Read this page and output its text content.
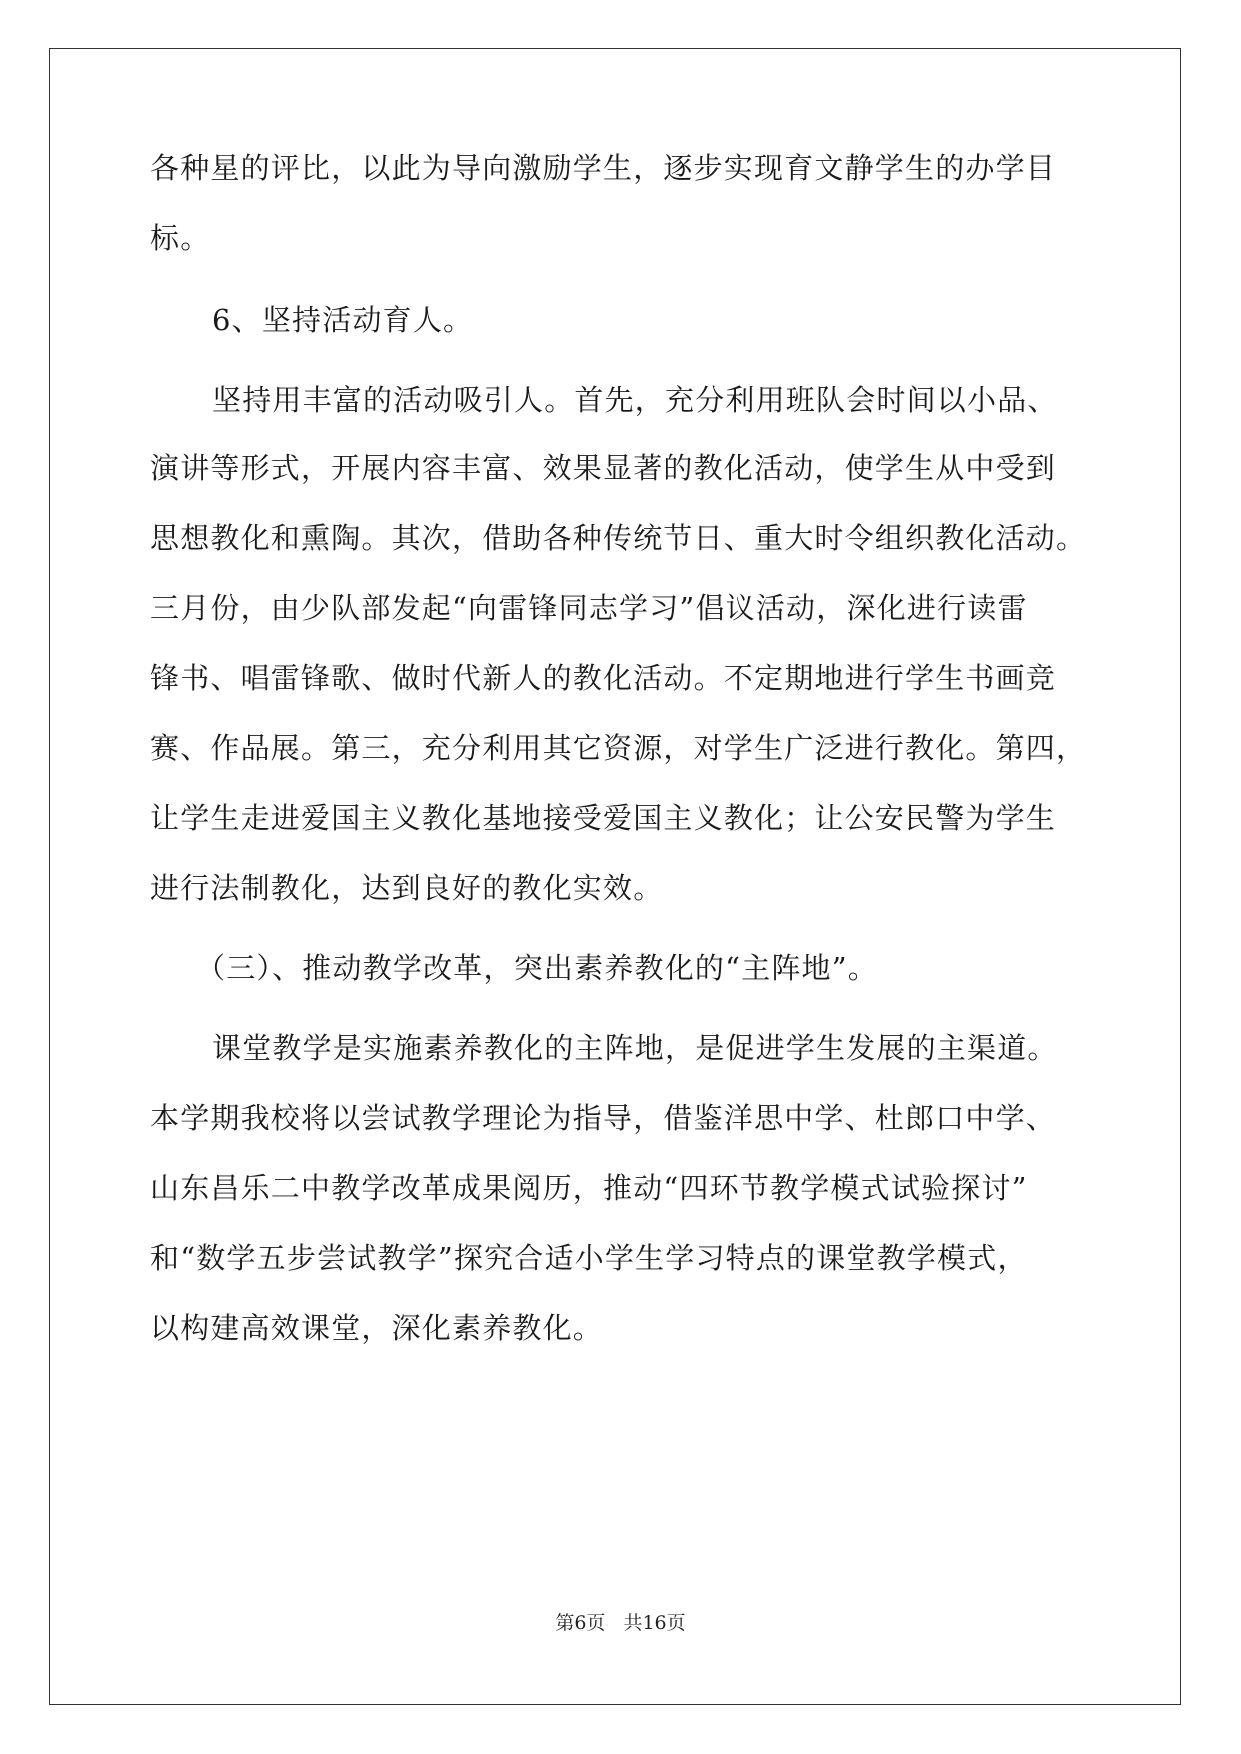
各种星的评比，以此为导向激励学生，逐步实现育文静学生的办学目
标。
6、坚持活动育人。
坚持用丰富的活动吸引人。首先，充分利用班队会时间以小品、
演讲等形式，开展内容丰富、效果显著的教化活动，使学生从中受到
思想教化和熏陶。其次，借助各种传统节日、重大时令组织教化活动。
三月份，由少队部发起“向雷锋同志学习”倡议活动，深化进行读雷
锋书、唱雷锋歌、做时代新人的教化活动。不定期地进行学生书画竞
赛、作品展。第三，充分利用其它资源，对学生广泛进行教化。第四，
让学生走进爱国主义教化基地接受爱国主义教化；让公安民警为学生
进行法制教化，达到良好的教化实效。
（三）、推动教学改革，突出素养教化的“主阵地”。
课堂教学是实施素养教化的主阵地，是促进学生发展的主渠道。
本学期我校将以尝试教学理论为指导，借鉴洋思中学、杜郎口中学、
山东昌乐二中教学改革成果阅历，推动“四环节教学模式试验探讨”
和“数学五步尝试教学”探究合适小学生学习特点的课堂教学模式，
以构建高效课堂，深化素养教化。
第6页 共16页
